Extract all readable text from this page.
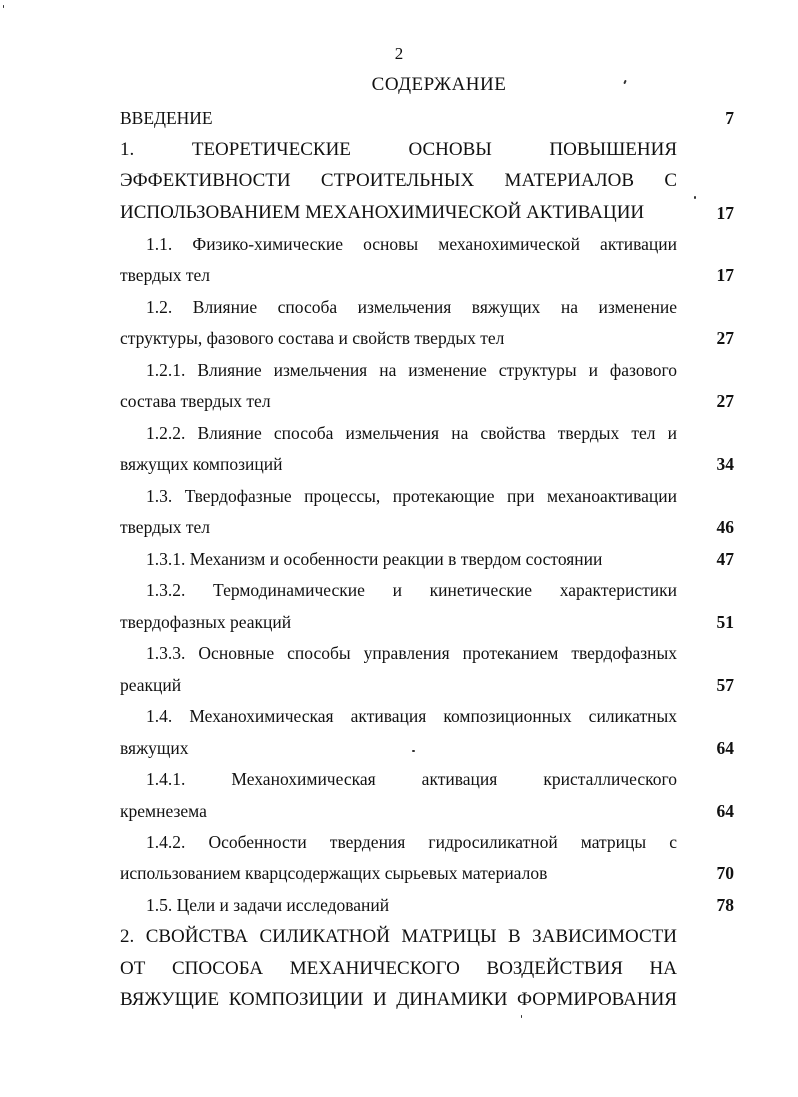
2
СОДЕРЖАНИЕ
ВВЕДЕНИЕ	7
1. ТЕОРЕТИЧЕСКИЕ ОСНОВЫ ПОВЫШЕНИЯ
ЭФФЕКТИВНОСТИ СТРОИТЕЛЬНЫХ МАТЕРИАЛОВ С
ИСПОЛЬЗОВАНИЕМ МЕХАНОХИМИЧЕСКОЙ АКТИВАЦИИ	17
1.1. Физико-химические основы механохимической активации
твердых тел	17
1.2. Влияние способа измельчения вяжущих на изменение
структуры, фазового состава и свойств твердых тел	27
1.2.1. Влияние измельчения на изменение структуры и фазового
состава твердых тел	27
1.2.2. Влияние способа измельчения на свойства твердых тел и
вяжущих композиций	34
1.3. Твердофазные процессы, протекающие при механоактивации
твердых тел	46
1.3.1. Механизм и особенности реакции в твердом состоянии	47
1.3.2. Термодинамические и кинетические характеристики
твердофазных реакций	51
1.3.3. Основные способы управления протеканием твердофазных
реакций	57
1.4. Механохимическая активация композиционных силикатных
вяжущих	64
1.4.1. Механохимическая активация кристаллического
кремнезема	64
1.4.2. Особенности твердения гидросиликатной матрицы с
использованием кварцсодержащих сырьевых материалов	70
1.5. Цели и задачи исследований	78
2. СВОЙСТВА СИЛИКАТНОЙ МАТРИЦЫ В ЗАВИСИМОСТИ
ОТ СПОСОБА МЕХАНИЧЕСКОГО ВОЗДЕЙСТВИЯ НА
ВЯЖУЩИЕ КОМПОЗИЦИИ И ДИНАМИКИ ФОРМИРОВАНИЯ
